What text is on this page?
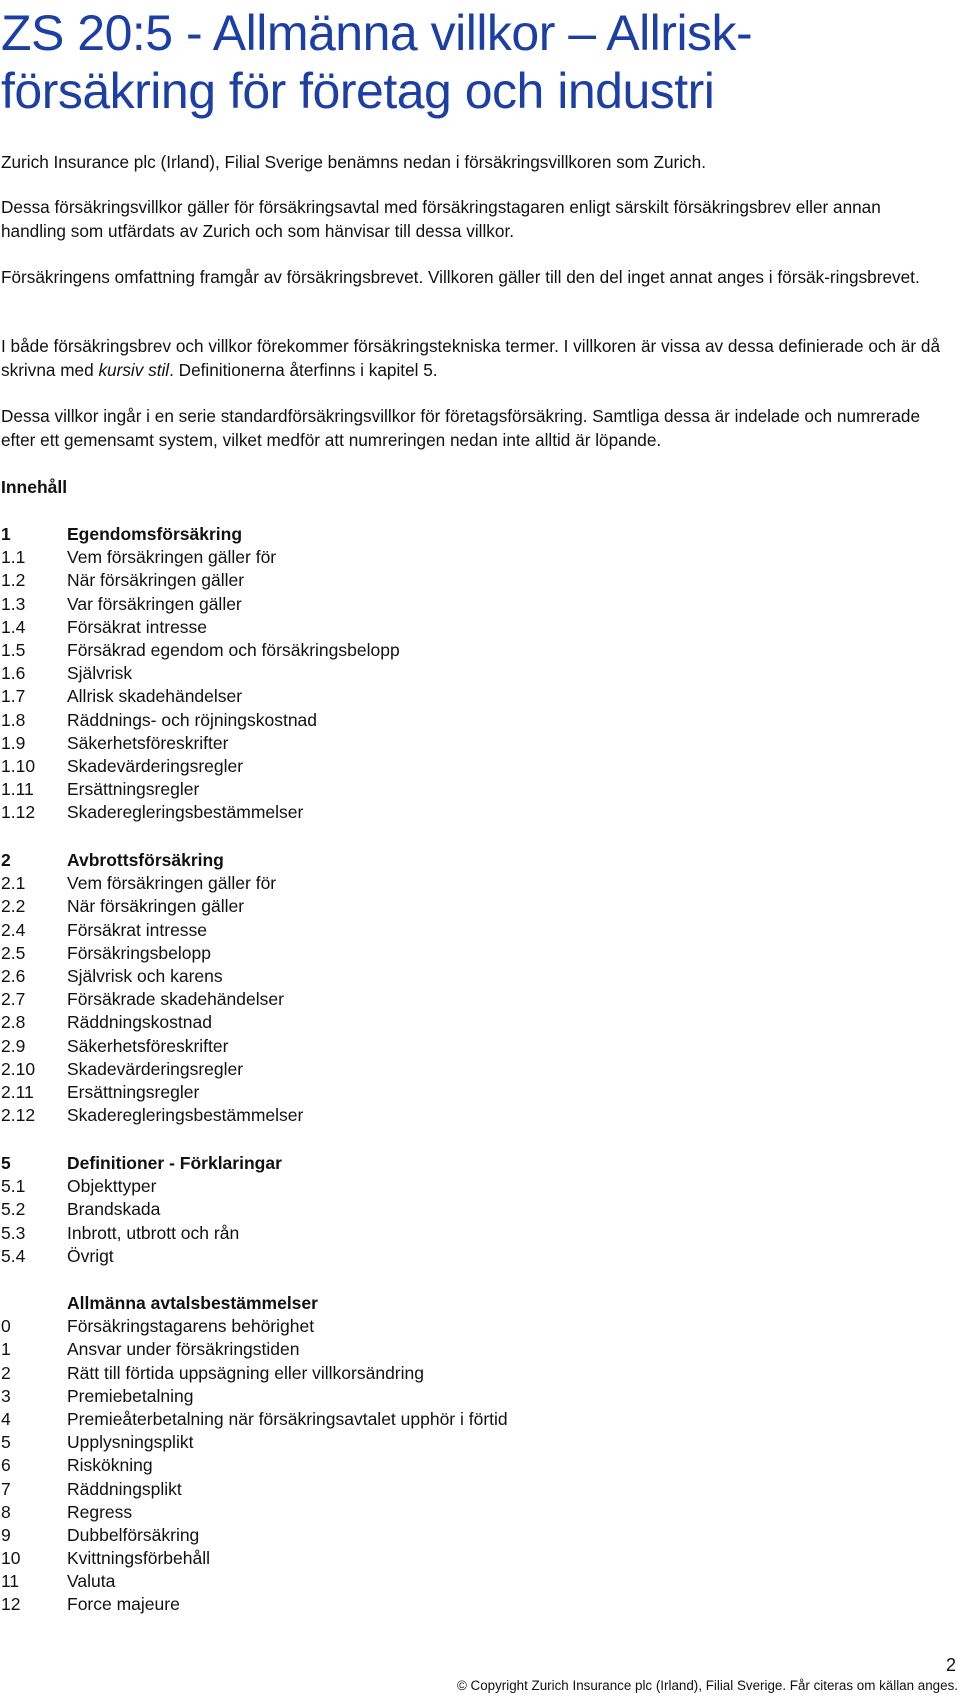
ZS 20:5 - Allmänna villkor – Allrisk-försäkring för företag och industri

Zurich Insurance plc (Irland), Filial Sverige benämns nedan i försäkringsvillkoren som Zurich.

Dessa försäkringsvillkor gäller för försäkringsavtal med försäkringstagaren enligt särskilt försäkringsbrev eller annan handling som utfärdats av Zurich och som hänvisar till dessa villkor.

Försäkringens omfattning framgår av försäkringsbrevet. Villkoren gäller till den del inget annat anges i försäk-ringsbrevet.

I både försäkringsbrev och villkor förekommer försäkringstekniska termer. I villkoren är vissa av dessa definierade och är då skrivna med kursiv stil. Definitionerna återfinns i kapitel 5.

Dessa villkor ingår i en serie standardförsäkringsvillkor för företagsförsäkring. Samtliga dessa är indelade och numrerade efter ett gemensamt system, vilket medför att numreringen nedan inte alltid är löpande.

Innehåll
1	Egendomsförsäkring
1.1	Vem försäkringen gäller för
1.2	När försäkringen gäller
1.3	Var försäkringen gäller
1.4	Försäkrat intresse
1.5	Försäkrad egendom och försäkringsbelopp
1.6	Självrisk
1.7	Allrisk skadehändelser
1.8	Räddnings- och röjningskostnad
1.9	Säkerhetsföreskrifter
1.10	Skadevärderingsregler
1.11	Ersättningsregler
1.12	Skaderegleringsbestämmelser
2	Avbrottsförsäkring
2.1	Vem försäkringen gäller för
2.2	När försäkringen gäller
2.4	Försäkrat intresse
2.5	Försäkringsbelopp
2.6	Självrisk och karens
2.7	Försäkrade skadehändelser
2.8	Räddningskostnad
2.9	Säkerhetsföreskrifter
2.10	Skadevärderingsregler
2.11	Ersättningsregler
2.12	Skaderegleringsbestämmelser
5	Definitioner - Förklaringar
5.1	Objekttyper
5.2	Brandskada
5.3	Inbrott, utbrott och rån
5.4	Övrigt
Allmänna avtalsbestämmelser
0	Försäkringstagarens behörighet
1	Ansvar under försäkringstiden
2	Rätt till förtida uppsägning eller villkorsändring
3	Premiebetalning
4	Premieåterbetalning när försäkringsavtalet upphör i förtid
5	Upplysningsplikt
6	Riskökning
7	Räddningsplikt
8	Regress
9	Dubbelförsäkring
10	Kvittningsförbehåll
11	Valuta
12	Force majeure
2
© Copyright Zurich Insurance plc (Irland), Filial Sverige. Får citeras om källan anges.
